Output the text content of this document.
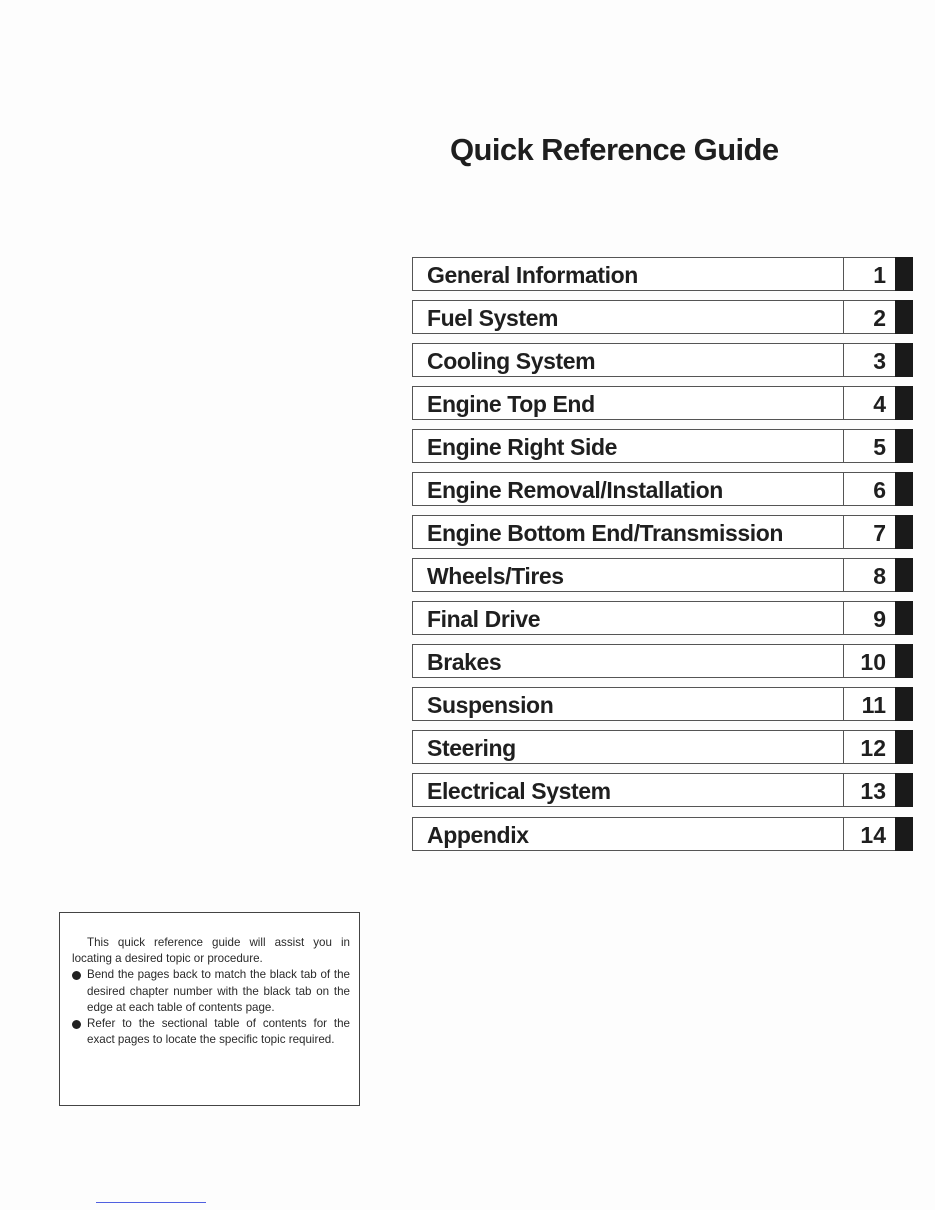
Quick Reference Guide
General Information	1
Fuel System	2
Cooling System	3
Engine Top End	4
Engine Right Side	5
Engine Removal/Installation	6
Engine Bottom End/Transmission	7
Wheels/Tires	8
Final Drive	9
Brakes	10
Suspension	11
Steering	12
Electrical System	13
Appendix	14
This quick reference guide will assist you in locating a desired topic or procedure.
Bend the pages back to match the black tab of the desired chapter number with the black tab on the edge at each table of contents page.
Refer to the sectional table of contents for the exact pages to locate the specific topic required.
